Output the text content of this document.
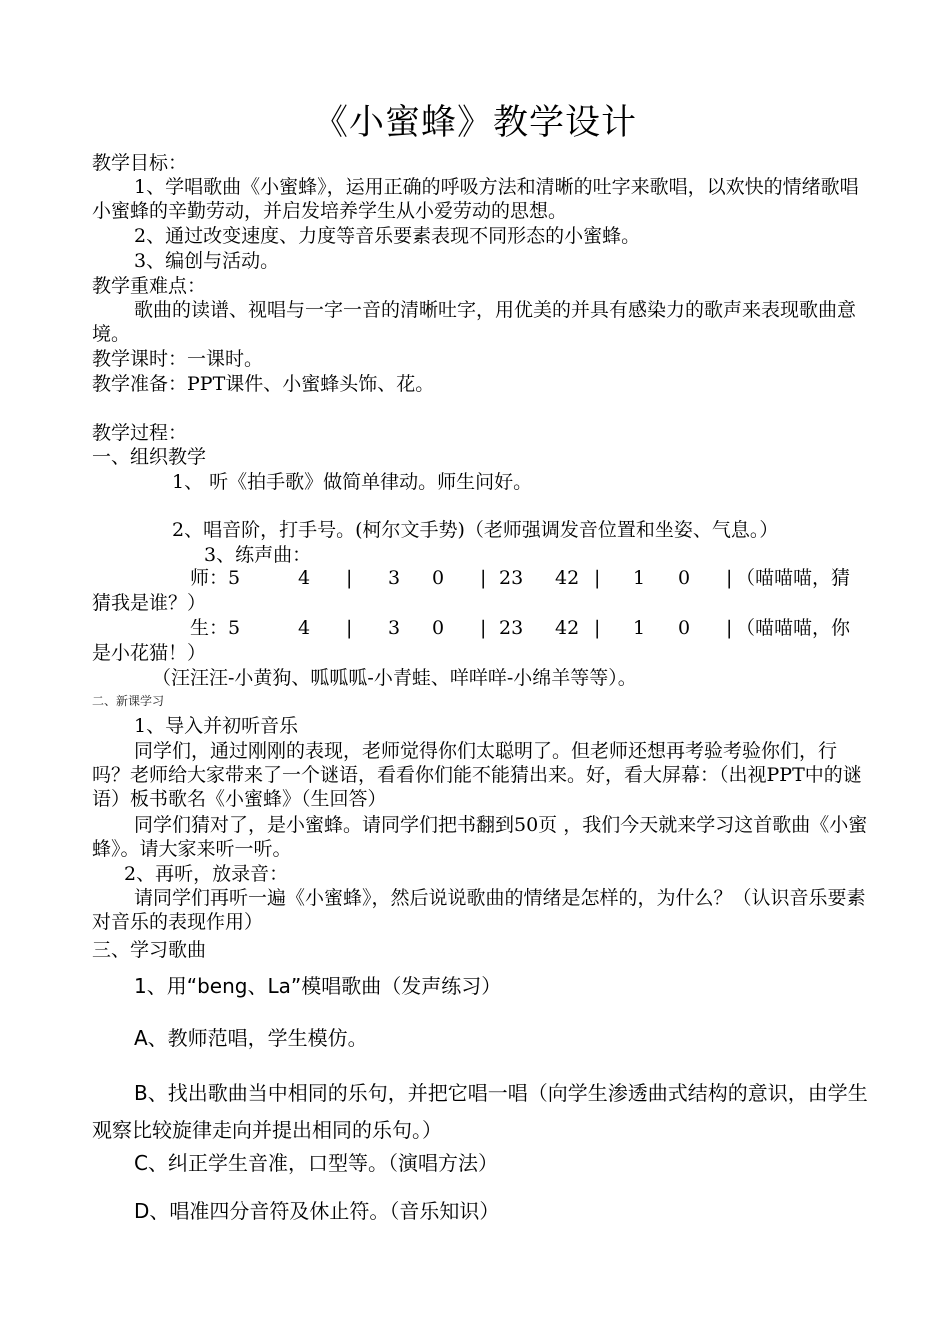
《小蜜蜂》教学设计
教学目标：
1、学唱歌曲《小蜜蜂》，运用正确的呼吸方法和清晰的吐字来歌唱，以欢快的情绪歌唱小蜜蜂的辛勤劳动，并启发培养学生从小爱劳动的思想。
2、通过改变速度、力度等音乐要素表现不同形态的小蜜蜂。
3、编创与活动。
教学重难点：
歌曲的读谱、视唱与一字一音的清晰吐字，用优美的并具有感染力的歌声来表现歌曲意境。
教学课时：一课时。
教学准备：PPT课件、小蜜蜂头饰、花。
教学过程：
一、组织教学
1、 听《拍手歌》做简单律动。师生问好。
2、唱音阶，打手号。(柯尔文手势)（老师强调发音位置和坐姿、气息。）
3、练声曲：
师：5	4 | 3 0 | 23 42 | 1 0 | （喵喵喵，猜
猜我是谁？）
生：5	4 | 3 0 | 23 42 | 1 0 | （喵喵喵，你
是小花猫！）
（汪汪汪-小黄狗、呱呱呱-小青蛙、咩咩咩-小绵羊等等）。
二、新课学习
1、导入并初听音乐
同学们，通过刚刚的表现，老师觉得你们太聪明了。但老师还想再考验考验你们，行吗？老师给大家带来了一个谜语，看看你们能不能猜出来。好，看大屏幕：（出视PPT中的谜语）板书歌名《小蜜蜂》（生回答）
同学们猜对了，是小蜜蜂。请同学们把书翻到50页 ，我们今天就来学习这首歌曲《小蜜蜂》。请大家来听一听。
2、再听，放录音：
请同学们再听一遍《小蜜蜂》，然后说说歌曲的情绪是怎样的，为什么？（认识音乐要素对音乐的表现作用）
三、学习歌曲
1、用“beng、La”模唱歌曲（发声练习）
A、教师范唱，学生模仿。
B、找出歌曲当中相同的乐句，并把它唱一唱（向学生渗透曲式结构的意识，由学生观察比较旋律走向并提出相同的乐句。）
C、纠正学生音准，口型等。（演唱方法）
D、唱准四分音符及休止符。（音乐知识）
